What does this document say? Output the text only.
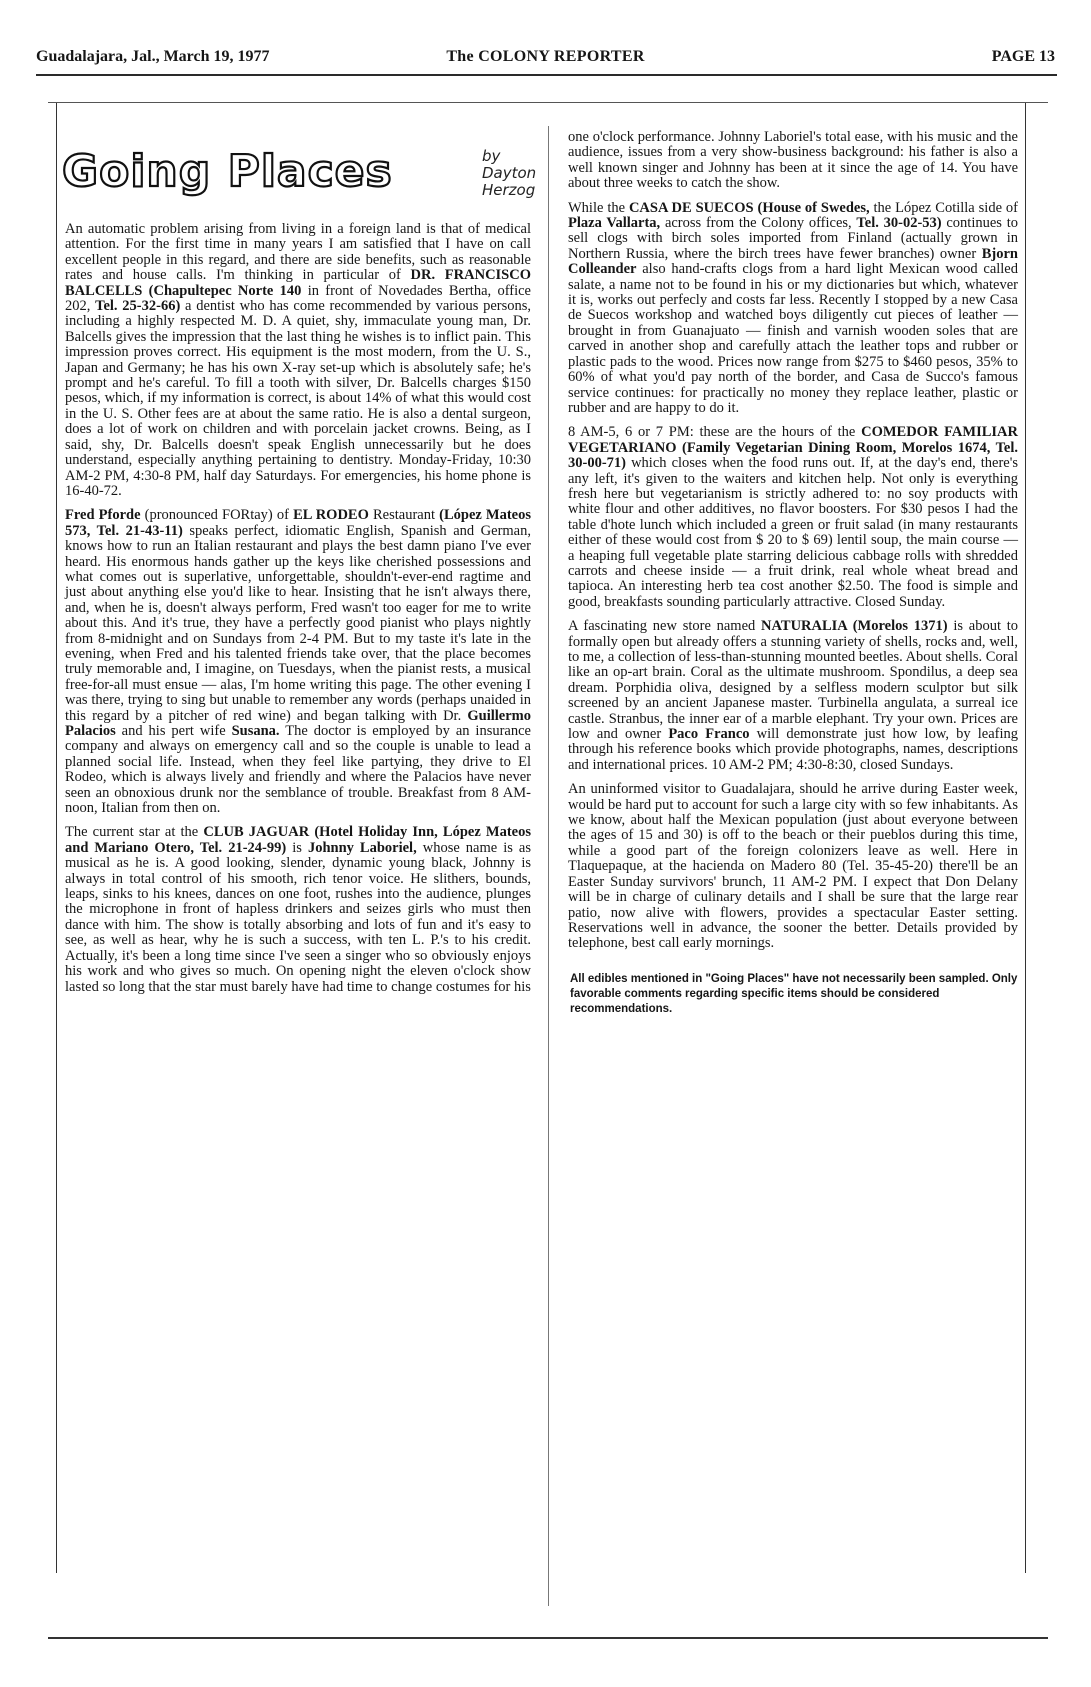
Guadalajara, Jal., March 19, 1977	The COLONY REPORTER	PAGE 13
Going Places	by Dayton Herzog

An automatic problem arising from living in a foreign land is that of medical attention. For the first time in many years I am satisfied that I have on call excellent people in this regard, and there are side benefits, such as reasonable rates and house calls. I'm thinking in particular of DR. FRANCISCO BALCELLS (Chapultepec Norte 140 in front of Novedades Bertha, office 202, Tel. 25-32-66) a dentist who has come recommended by various persons, including a highly respected M. D. A quiet, shy, immaculate young man, Dr. Balcells gives the impression that the last thing he wishes is to inflict pain. This impression proves correct. His equipment is the most modern, from the U. S., Japan and Germany; he has his own X-ray set-up which is absolutely safe; he's prompt and he's careful. To fill a tooth with silver, Dr. Balcells charges $150 pesos, which, if my information is correct, is about 14% of what this would cost in the U. S. Other fees are at about the same ratio. He is also a dental surgeon, does a lot of work on children and with porcelain jacket crowns. Being, as I said, shy, Dr. Balcells doesn't speak English unnecessarily but he does understand, especially anything pertaining to dentistry. Monday-Friday, 10:30 AM-2 PM, 4:30-8 PM, half day Saturdays. For emergencies, his home phone is 16-40-72.

Fred Pforde (pronounced FORtay) of EL RODEO Restaurant (López Mateos 573, Tel. 21-43-11) speaks perfect, idiomatic English, Spanish and German, knows how to run an Italian restaurant and plays the best damn piano I've ever heard. His enormous hands gather up the keys like cherished possessions and what comes out is superlative, unforgettable, shouldn't-ever-end ragtime and just about anything else you'd like to hear. Insisting that he isn't always there, and, when he is, doesn't always perform, Fred wasn't too eager for me to write about this. And it's true, they have a perfectly good pianist who plays nightly from 8-midnight and on Sundays from 2-4 PM. But to my taste it's late in the evening, when Fred and his talented friends take over, that the place becomes truly memorable and, I imagine, on Tuesdays, when the pianist rests, a musical free-for-all must ensue — alas, I'm home writing this page. The other evening I was there, trying to sing but unable to remember any words (perhaps unaided in this regard by a pitcher of red wine) and began talking with Dr. Guillermo Palacios and his pert wife Susana. The doctor is employed by an insurance company and always on emergency call and so the couple is unable to lead a planned social life. Instead, when they feel like partying, they drive to El Rodeo, which is always lively and friendly and where the Palacios have never seen an obnoxious drunk nor the semblance of trouble. Breakfast from 8 AM-noon, Italian from then on.

The current star at the CLUB JAGUAR (Hotel Holiday Inn, López Mateos and Mariano Otero, Tel. 21-24-99) is Johnny Laboriel, whose name is as musical as he is. A good looking, slender, dynamic young black, Johnny is always in total control of his smooth, rich tenor voice. He slithers, bounds, leaps, sinks to his knees, dances on one foot, rushes into the audience, plunges the microphone in front of hapless drinkers and seizes girls who must then dance with him. The show is totally absorbing and lots of fun and it's easy to see, as well as hear, why he is such a success, with ten L. P.'s to his credit. Actually, it's been a long time since I've seen a singer who so obviously enjoys his work and who gives so much. On opening night the eleven o'clock show lasted so long that the star must barely have had time to change costumes for his

one o'clock performance. Johnny Laboriel's total ease, with his music and the audience, issues from a very show-business background: his father is also a well known singer and Johnny has been at it since the age of 14. You have about three weeks to catch the show.

While the CASA DE SUECOS (House of Swedes, the López Cotilla side of Plaza Vallarta, across from the Colony offices, Tel. 30-02-53) continues to sell clogs with birch soles imported from Finland (actually grown in Northern Russia, where the birch trees have fewer branches) owner Bjorn Colleander also hand-crafts clogs from a hard light Mexican wood called salate, a name not to be found in his or my dictionaries but which, whatever it is, works out perfecly and costs far less. Recently I stopped by a new Casa de Suecos workshop and watched boys diligently cut pieces of leather — brought in from Guanajuato — finish and varnish wooden soles that are carved in another shop and carefully attach the leather tops and rubber or plastic pads to the wood. Prices now range from $275 to $460 pesos, 35% to 60% of what you'd pay north of the border, and Casa de Succo's famous service continues: for practically no money they replace leather, plastic or rubber and are happy to do it.

8 AM-5, 6 or 7 PM: these are the hours of the COMEDOR FAMILIAR VEGETARIANO (Family Vegetarian Dining Room, Morelos 1674, Tel. 30-00-71) which closes when the food runs out. If, at the day's end, there's any left, it's given to the waiters and kitchen help. Not only is everything fresh here but vegetarianism is strictly adhered to: no soy products with white flour and other additives, no flavor boosters. For $30 pesos I had the table d'hote lunch which included a green or fruit salad (in many restaurants either of these would cost from $ 20 to $ 69) lentil soup, the main course — a heaping full vegetable plate starring delicious cabbage rolls with shredded carrots and cheese inside — a fruit drink, real whole wheat bread and tapioca. An interesting herb tea cost another $2.50. The food is simple and good, breakfasts sounding particularly attractive. Closed Sunday.

A fascinating new store named NATURALIA (Morelos 1371) is about to formally open but already offers a stunning variety of shells, rocks and, well, to me, a collection of less-than-stunning mounted beetles. About shells. Coral like an op-art brain. Coral as the ultimate mushroom. Spondilus, a deep sea dream. Porphidia oliva, designed by a selfless modern sculptor but silk screened by an ancient Japanese master. Turbinella angulata, a surreal ice castle. Stranbus, the inner ear of a marble elephant. Try your own. Prices are low and owner Paco Franco will demonstrate just how low, by leafing through his reference books which provide photographs, names, descriptions and international prices. 10 AM-2 PM; 4:30-8:30, closed Sundays.

An uninformed visitor to Guadalajara, should he arrive during Easter week, would be hard put to account for such a large city with so few inhabitants. As we know, about half the Mexican population (just about everyone between the ages of 15 and 30) is off to the beach or their pueblos during this time, while a good part of the foreign colonizers leave as well. Here in Tlaquepaque, at the hacienda on Madero 80 (Tel. 35-45-20) there'll be an Easter Sunday survivors' brunch, 11 AM-2 PM. I expect that Don Delany will be in charge of culinary details and I shall be sure that the large rear patio, now alive with flowers, provides a spectacular Easter setting. Reservations well in advance, the sooner the better. Details provided by telephone, best call early mornings.

All edibles mentioned in "Going Places" have not necessarily been sampled. Only favorable comments regarding specific items should be considered recommendations.
